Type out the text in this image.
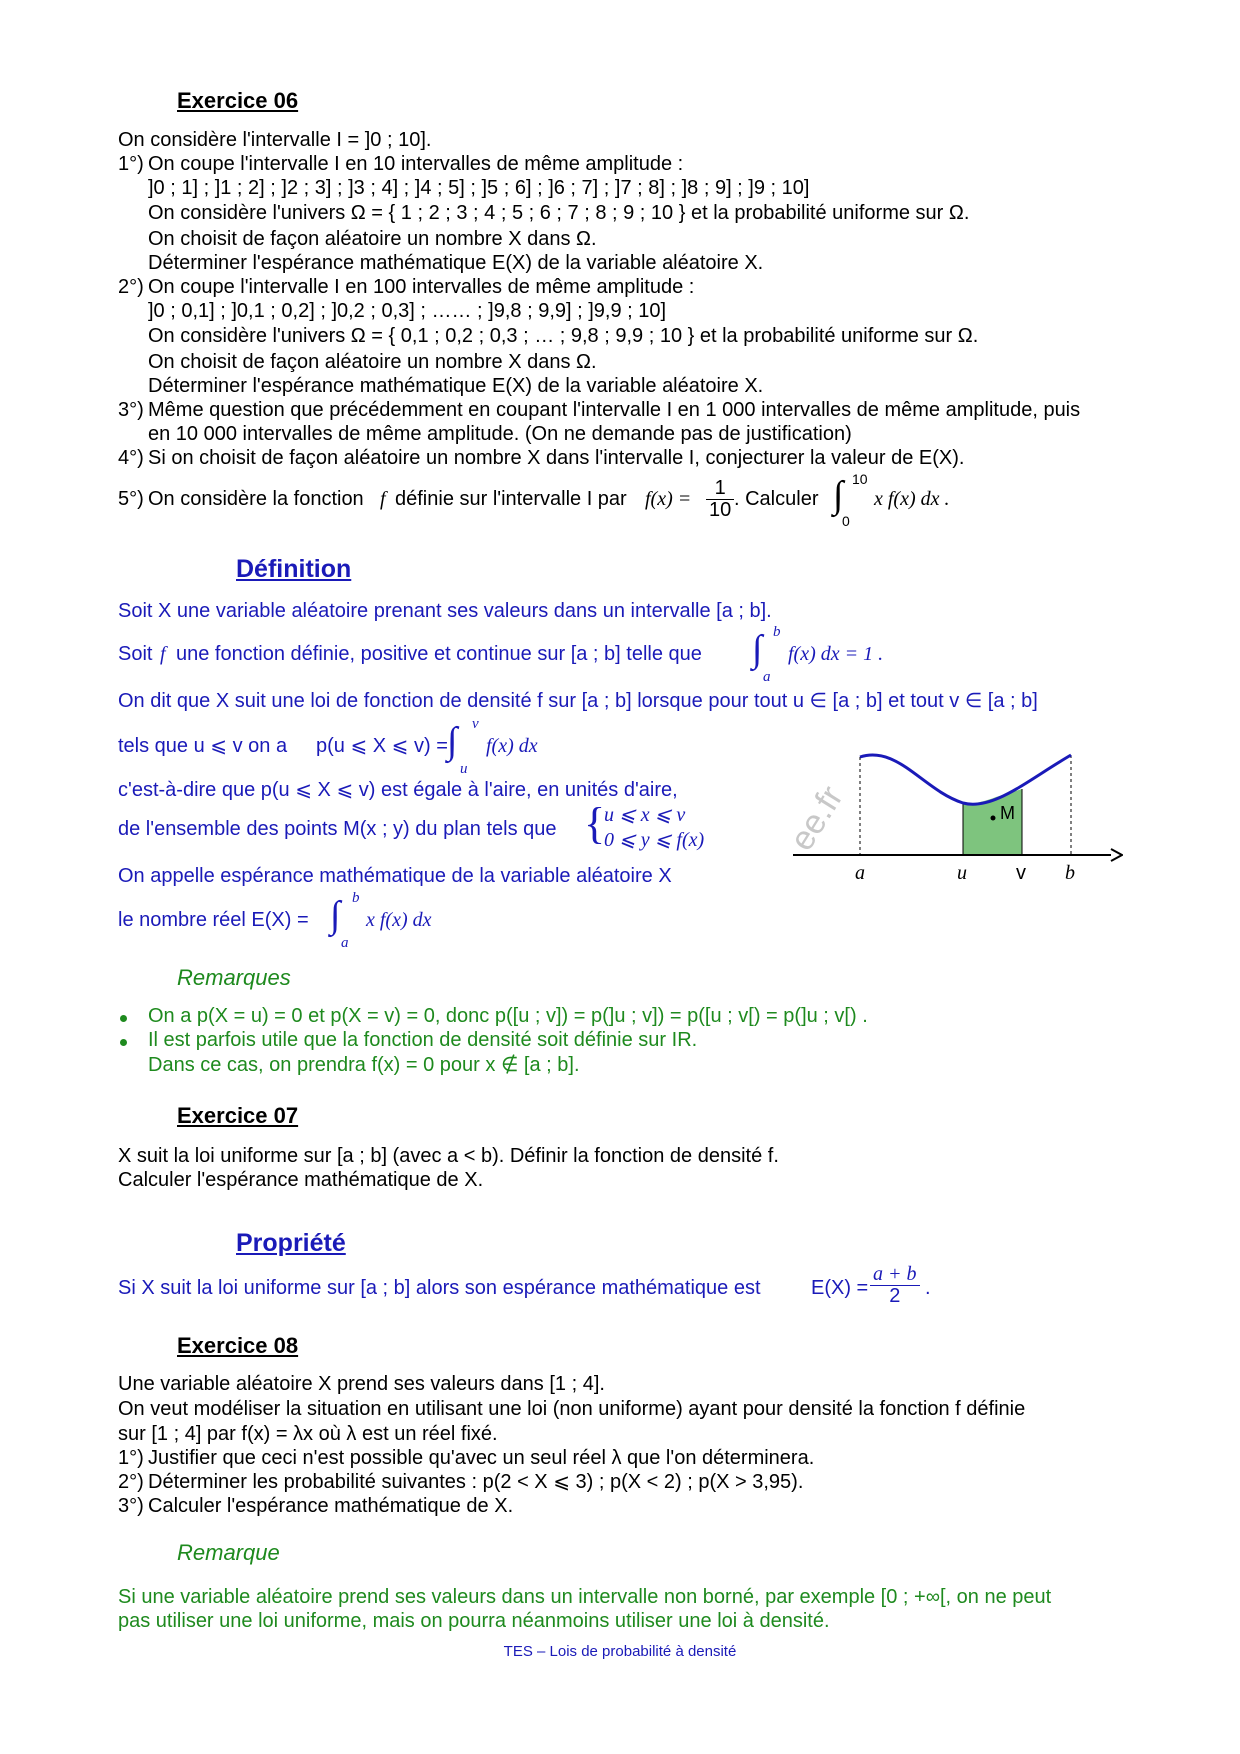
Exercice 06
On considère l'intervalle I = ]0 ; 10].
1°) On coupe l'intervalle I en 10 intervalles de même amplitude :
]0 ; 1] ; ]1 ; 2] ; ]2 ; 3] ; ]3 ; 4] ; ]4 ; 5] ; ]5 ; 6] ; ]6 ; 7] ; ]7 ; 8] ; ]8 ; 9] ; ]9 ; 10]
On considère l'univers Ω = { 1 ; 2 ; 3 ; 4 ; 5 ; 6 ; 7 ; 8 ; 9 ; 10 } et la probabilité uniforme sur Ω.
On choisit de façon aléatoire un nombre X dans Ω.
Déterminer l'espérance mathématique E(X) de la variable aléatoire X.
2°) On coupe l'intervalle I en 100 intervalles de même amplitude :
]0 ; 0,1] ; ]0,1 ; 0,2] ; ]0,2 ; 0,3] ; …… ; ]9,8 ; 9,9] ; ]9,9 ; 10]
On considère l'univers Ω = { 0,1 ; 0,2 ; 0,3 ; … ; 9,8 ; 9,9 ; 10 } et la probabilité uniforme sur Ω.
On choisit de façon aléatoire un nombre X dans Ω.
Déterminer l'espérance mathématique E(X) de la variable aléatoire X.
3°) Même question que précédemment en coupant l'intervalle I en 1 000 intervalles de même amplitude, puis
en 10 000 intervalles de même amplitude. (On ne demande pas de justification)
4°) Si on choisit de façon aléatoire un nombre X dans l'intervalle I, conjecturer la valeur de E(X).
5°) On considère la fonction f définie sur l'intervalle I par $f(x) = \frac{1}{10}$ . Calculer ∫ 10
0
x f(x) dx .
Définition
Soit X une variable aléatoire prenant ses valeurs dans un intervalle [a ; b].
Soit f une fonction définie, positive et continue sur [a ; b] telle que ∫ b
a
f(x) dx = 1 .
On dit que X suit une loi de fonction de densité f sur [a ; b] lorsque pour tout u ∈ [a ; b] et tout v ∈ [a ; b]
tels que u ⩽ v on a p(u ⩽ X ⩽ v) = ∫ v
u
f(x) dx
c'est-à-dire que p(u ⩽ X ⩽ v) est égale à l'aire, en unités d'aire,
de l'ensemble des points M(x ; y) du plan tels que {
u ⩽ x ⩽ v
0 ⩽ y ⩽ f(x)
On appelle espérance mathématique de la variable aléatoire X
le nombre réel E(X) = ∫ b
a
x f(x) dx
M
ee.fr
a	u v b
Remarques
On a p(X = u) = 0 et p(X = v) = 0, donc p([u ; v]) = p(]u ; v]) = p([u ; v[) = p(]u ; v[) .
Il est parfois utile que la fonction de densité soit définie sur IR.
Dans ce cas, on prendra f(x) = 0 pour x ∉ [a ; b].
Exercice 07
X suit la loi uniforme sur [a ; b] (avec a < b). Définir la fonction de densité f.
Calculer l'espérance mathématique de X.
Propriété
Si X suit la loi uniforme sur [a ; b] alors son espérance mathématique est	$E(X) = \frac{a + b}{2}$ .
Exercice 08
Une variable aléatoire X prend ses valeurs dans [1 ; 4].
On veut modéliser la situation en utilisant une loi (non uniforme) ayant pour densité la fonction f définie
sur [1 ; 4] par f(x) = λx où λ est un réel fixé.
1°) Justifier que ceci n'est possible qu'avec un seul réel λ que l'on déterminera.
2°) Déterminer les probabilité suivantes : p(2 < X ⩽ 3) ; p(X < 2) ; p(X > 3,95).
3°) Calculer l'espérance mathématique de X.
Remarque
Si une variable aléatoire prend ses valeurs dans un intervalle non borné, par exemple [0 ; +∞[, on ne peut
pas utiliser une loi uniforme, mais on pourra néanmoins utiliser une loi à densité.
TES – Lois de probabilité à densité
